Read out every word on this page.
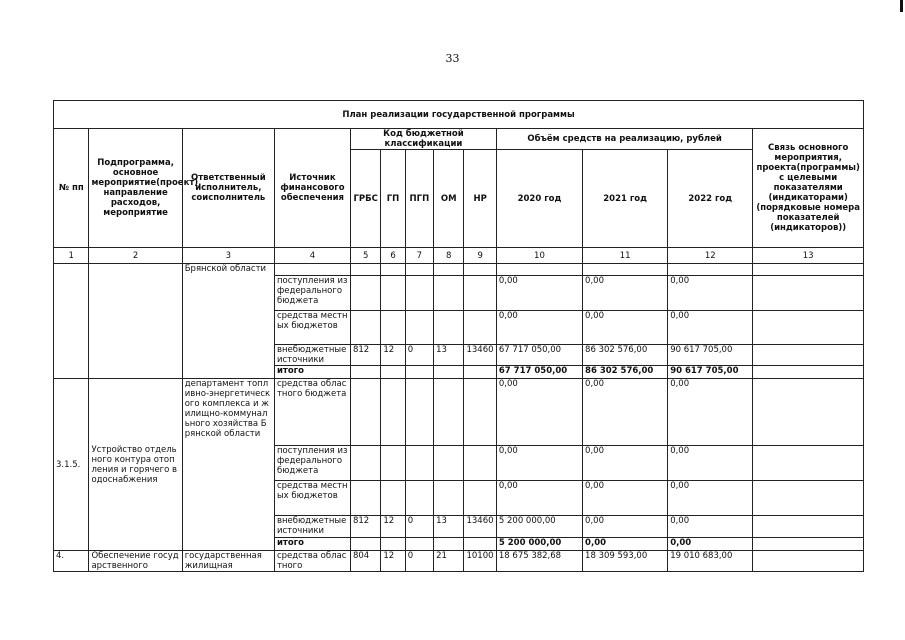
33
План реализации государственной программы												
№ пп	Подпрограмма, основное мероприятие(проект), направление расходов, мероприятие	Ответственный исполнитель, соисполнитель	Источник финансового обеспечения	Код бюджетной классификации					Объём средств на реализацию, рублей			Связь основного мероприятия, проекта(программы) с целевыми показателями (индикаторами) (порядковые номера показателей (индикаторов))
				ГРБС	ГП	ПГП	ОМ	НР	2020 год	2021 год	2022 год	
1	2	3	4	5	6	7	8	9	10	11	12	13
		Брянской области										
			поступления из федерального бюджета						0,00	0,00	0,00	
			средства местных бюджетов						0,00	0,00	0,00	
			внебюджетные источники	812	12	0	13	13460	67 717 050,00	86 302 576,00	90 617 705,00	
			итого						67 717 050,00	86 302 576,00	90 617 705,00	
3.1.5.	Устройство отдельного контура отопления и горячего водоснабжения	департамент топливно-энергетического комплекса и жилищно-коммунального хозяйства Брянской области	средства областного бюджета						0,00	0,00	0,00	
			поступления из федерального бюджета						0,00	0,00	0,00	
			средства местных бюджетов						0,00	0,00	0,00	
			внебюджетные источники	812	12	0	13	13460	5 200 000,00	0,00	0,00	
			итого						5 200 000,00	0,00	0,00	
4.	Обеспечение государственного	государственная жилищная	средства областного	804	12	0	21	10100	18 675 382,68	18 309 593,00	19 010 683,00	
